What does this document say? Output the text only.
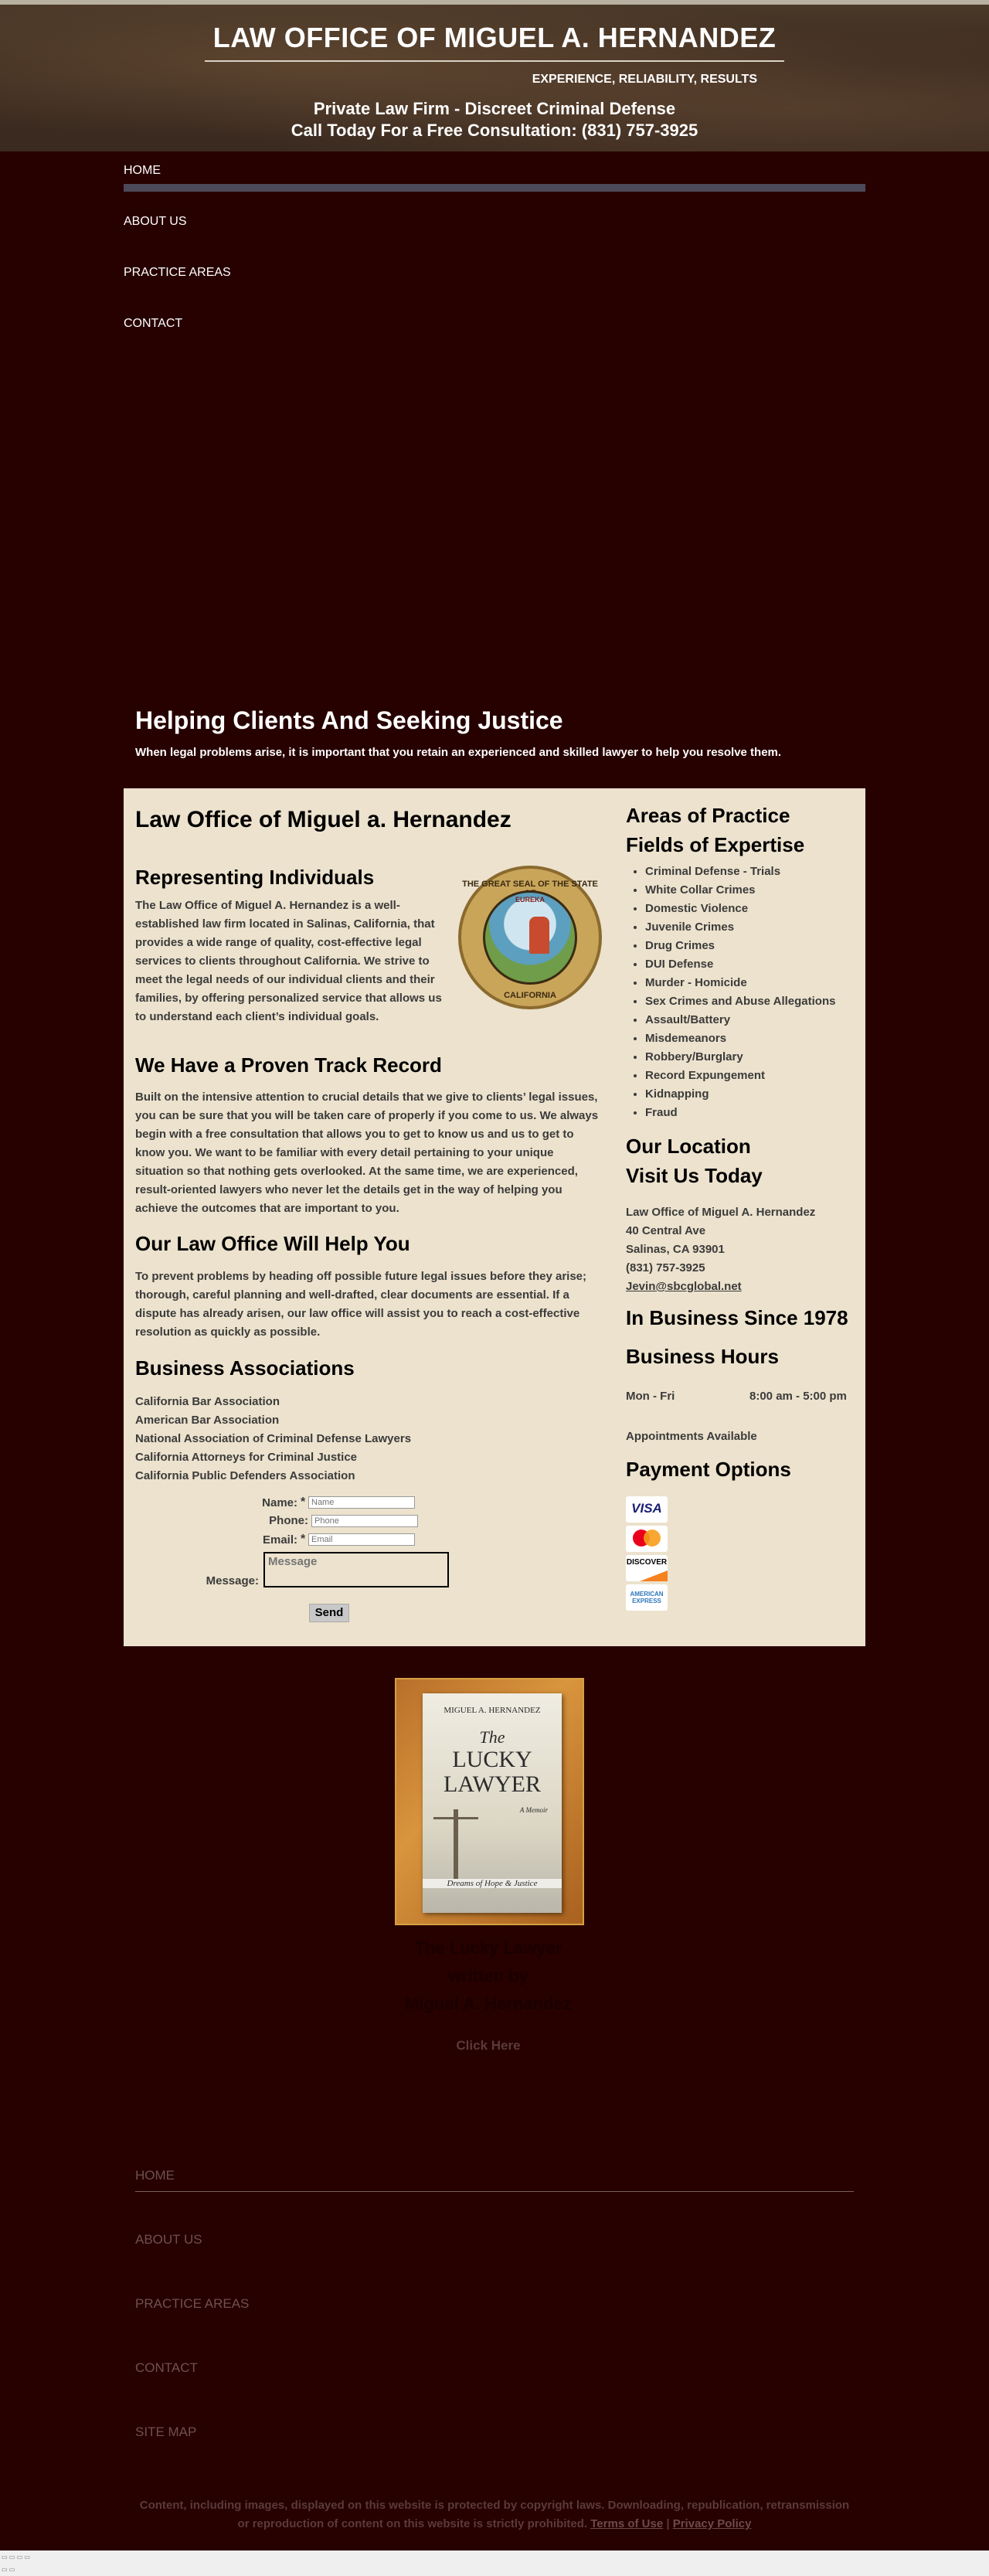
LAW OFFICE OF MIGUEL A. HERNANDEZ
EXPERIENCE, RELIABILITY, RESULTS
Private Law Firm - Discreet Criminal Defense
Call Today For a Free Consultation: (831) 757-3925
HOME
ABOUT US
PRACTICE AREAS
CONTACT
Helping Clients And Seeking Justice
When legal problems arise, it is important that you retain an experienced and skilled lawyer to help you resolve them.
Law Office of Miguel a. Hernandez
Representing Individuals
The Law Office of Miguel A. Hernandez is a well-established law firm located in Salinas, California, that provides a wide range of quality, cost-effective legal services to clients throughout California. We strive to meet the legal needs of our individual clients and their families, by offering personalized service that allows us to understand each client’s individual goals.
THE GREAT SEAL OF THE STATE
EUREKA
CALIFORNIA
We Have a Proven Track Record
Built on the intensive attention to crucial details that we give to clients’ legal issues, you can be sure that you will be taken care of properly if you come to us. We always begin with a free consultation that allows you to get to know us and us to get to know you. We want to be familiar with every detail pertaining to your unique situation so that nothing gets overlooked. At the same time, we are experienced, result-oriented lawyers who never let the details get in the way of helping you achieve the outcomes that are important to you.
Our Law Office Will Help You
To prevent problems by heading off possible future legal issues before they arise; thorough, careful planning and well-drafted, clear documents are essential. If a dispute has already arisen, our law office will assist you to reach a cost-effective resolution as quickly as possible.
Business Associations
California Bar Association
American Bar Association
National Association of Criminal Defense Lawyers
California Attorneys for Criminal Justice
California Public Defenders Association
Name: *
Name
Phone:
Phone
Email: *
Email
Message:
Message
Send
Areas of Practice
Fields of Expertise
• Criminal Defense - Trials
• White Collar Crimes
• Domestic Violence
• Juvenile Crimes
• Drug Crimes
• DUI Defense
• Murder - Homicide
• Sex Crimes and Abuse Allegations
• Assault/Battery
• Misdemeanors
• Robbery/Burglary
• Record Expungement
• Kidnapping
• Fraud
Our Location
Visit Us Today
Law Office of Miguel A. Hernandez
40 Central Ave
Salinas, CA 93901
(831) 757-3925
Jevin@sbcglobal.net
In Business Since 1978
Business Hours
Mon - Fri	8:00 am - 5:00 pm
Appointments Available
Payment Options
VISA
DISCOVER
AMERICAN EXPRESS
MIGUEL A. HERNANDEZ
The
LUCKY LAWYER
A Memoir
Dreams of Hope & Justice
The Lucky Lawyer
written by
Miguel A. Hernandez
Click Here
HOME
ABOUT US
PRACTICE AREAS
CONTACT
SITE MAP
Content, including images, displayed on this website is protected by copyright laws. Downloading, republication, retransmission or reproduction of content on this website is strictly prohibited. Terms of Use | Privacy Policy
▭ ▭ ▭ ▭
▭ ▭
